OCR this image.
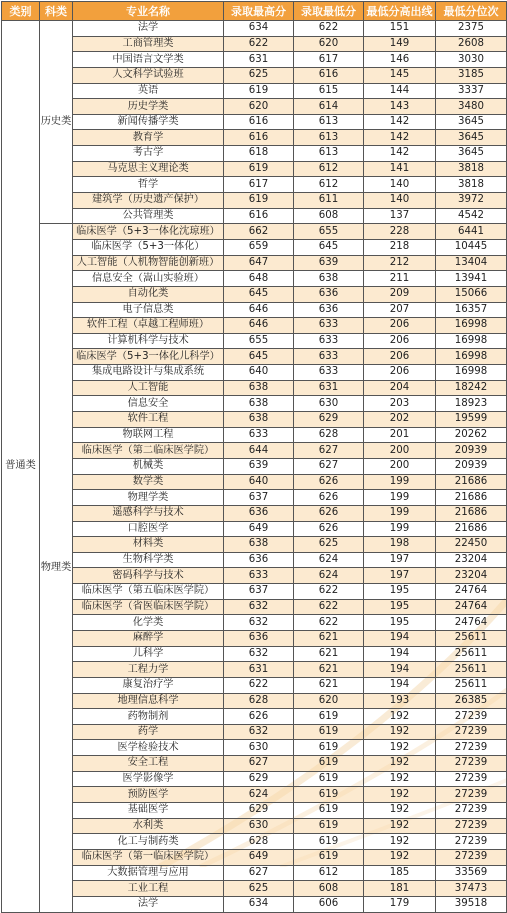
类别	科类	专业名称	录取最高分	录取最低分	最低分高出线	最低分位次
普通类	历史类	法学	634	622	151	2375
		工商管理类	622	620	149	2608
		中国语言文学类	631	617	146	3030
		人文科学试验班	625	616	145	3185
		英语	619	615	144	3337
		历史学类	620	614	143	3480
		新闻传播学类	616	613	142	3645
		教育学	616	613	142	3645
		考古学	618	613	142	3645
		马克思主义理论类	619	612	141	3818
		哲学	617	612	140	3818
		建筑学（历史遗产保护）	619	611	140	3972
		公共管理类	616	608	137	4542
	物理类	临床医学（5+3一体化沈琼班）	662	655	228	6441
		临床医学（5+3一体化）	659	645	218	10445
		人工智能（人机物智能创新班）	647	639	212	13404
		信息安全（嵩山实验班）	648	638	211	13941
		自动化类	645	636	209	15066
		电子信息类	646	636	207	16357
		软件工程（卓越工程师班）	646	633	206	16998
		计算机科学与技术	655	633	206	16998
		临床医学（5+3一体化儿科学）	645	633	206	16998
		集成电路设计与集成系统	640	633	206	16998
		人工智能	638	631	204	18242
		信息安全	638	630	203	18923
		软件工程	638	629	202	19599
		物联网工程	633	628	201	20262
		临床医学（第二临床医学院）	644	627	200	20939
		机械类	639	627	200	20939
		数学类	640	626	199	21686
		物理学类	637	626	199	21686
		遥感科学与技术	636	626	199	21686
		口腔医学	649	626	199	21686
		材料类	638	625	198	22450
		生物科学类	636	624	197	23204
		密码科学与技术	633	624	197	23204
		临床医学（第五临床医学院）	637	622	195	24764
		临床医学（省医临床医学院）	632	622	195	24764
		化学类	632	622	195	24764
		麻醉学	636	621	194	25611
		儿科学	632	621	194	25611
		工程力学	631	621	194	25611
		康复治疗学	622	621	194	25611
		地理信息科学	628	620	193	26385
		药物制剂	626	619	192	27239
		药学	632	619	192	27239
		医学检验技术	630	619	192	27239
		安全工程	627	619	192	27239
		医学影像学	629	619	192	27239
		预防医学	624	619	192	27239
		基础医学	629	619	192	27239
		水利类	630	619	192	27239
		化工与制药类	628	619	192	27239
		临床医学（第一临床医学院）	649	619	192	27239
		大数据管理与应用	627	612	185	33569
		工业工程	625	608	181	37473
		法学	634	606	179	39518
